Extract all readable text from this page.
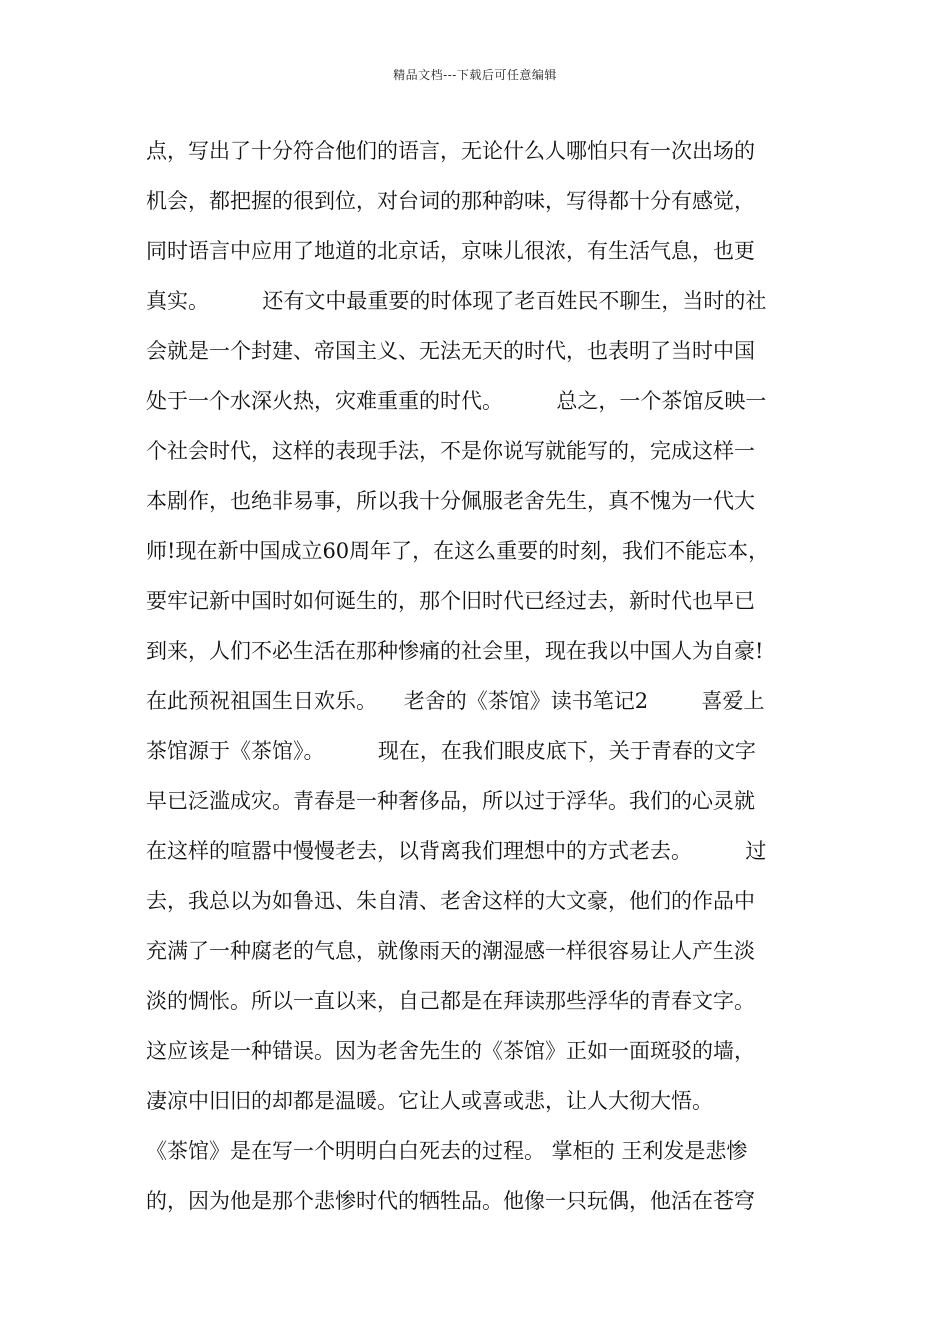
精品文档---下载后可任意编辑
点，写出了十分符合他们的语言，无论什么人哪怕只有一次出场的
机会，都把握的很到位，对台词的那种韵味，写得都十分有感觉，
同时语言中应用了地道的北京话，京味儿很浓，有生活气息，也更
真实。        还有文中最重要的时体现了老百姓民不聊生，当时的社
会就是一个封建、帝国主义、无法无天的时代，也表明了当时中国
处于一个水深火热，灾难重重的时代。        总之，一个茶馆反映一
个社会时代，这样的表现手法，不是你说写就能写的，完成这样一
本剧作，也绝非易事，所以我十分佩服老舍先生，真不愧为一代大
师!现在新中国成立60周年了，在这么重要的时刻，我们不能忘本，
要牢记新中国时如何诞生的，那个旧时代已经过去，新时代也早已
到来，人们不必生活在那种惨痛的社会里，现在我以中国人为自豪!
在此预祝祖国生日欢乐。    老舍的《茶馆》读书笔记2        喜爱上
茶馆源于《茶馆》。        现在，在我们眼皮底下，关于青春的文字
早已泛滥成灾。青春是一种奢侈品，所以过于浮华。我们的心灵就
在这样的喧嚣中慢慢老去，以背离我们理想中的方式老去。        过
去，我总以为如鲁迅、朱自清、老舍这样的大文豪，他们的作品中
充满了一种腐老的气息，就像雨天的潮湿感一样很容易让人产生淡
淡的惆怅。所以一直以来，自己都是在拜读那些浮华的青春文字。
这应该是一种错误。因为老舍先生的《茶馆》正如一面斑驳的墙，
凄凉中旧旧的却都是温暖。它让人或喜或悲，让人大彻大悟。
《茶馆》是在写一个明明白白死去的过程。 掌柜的 王利发是悲惨
的，因为他是那个悲惨时代的牺牲品。他像一只玩偶，他活在苍穹
